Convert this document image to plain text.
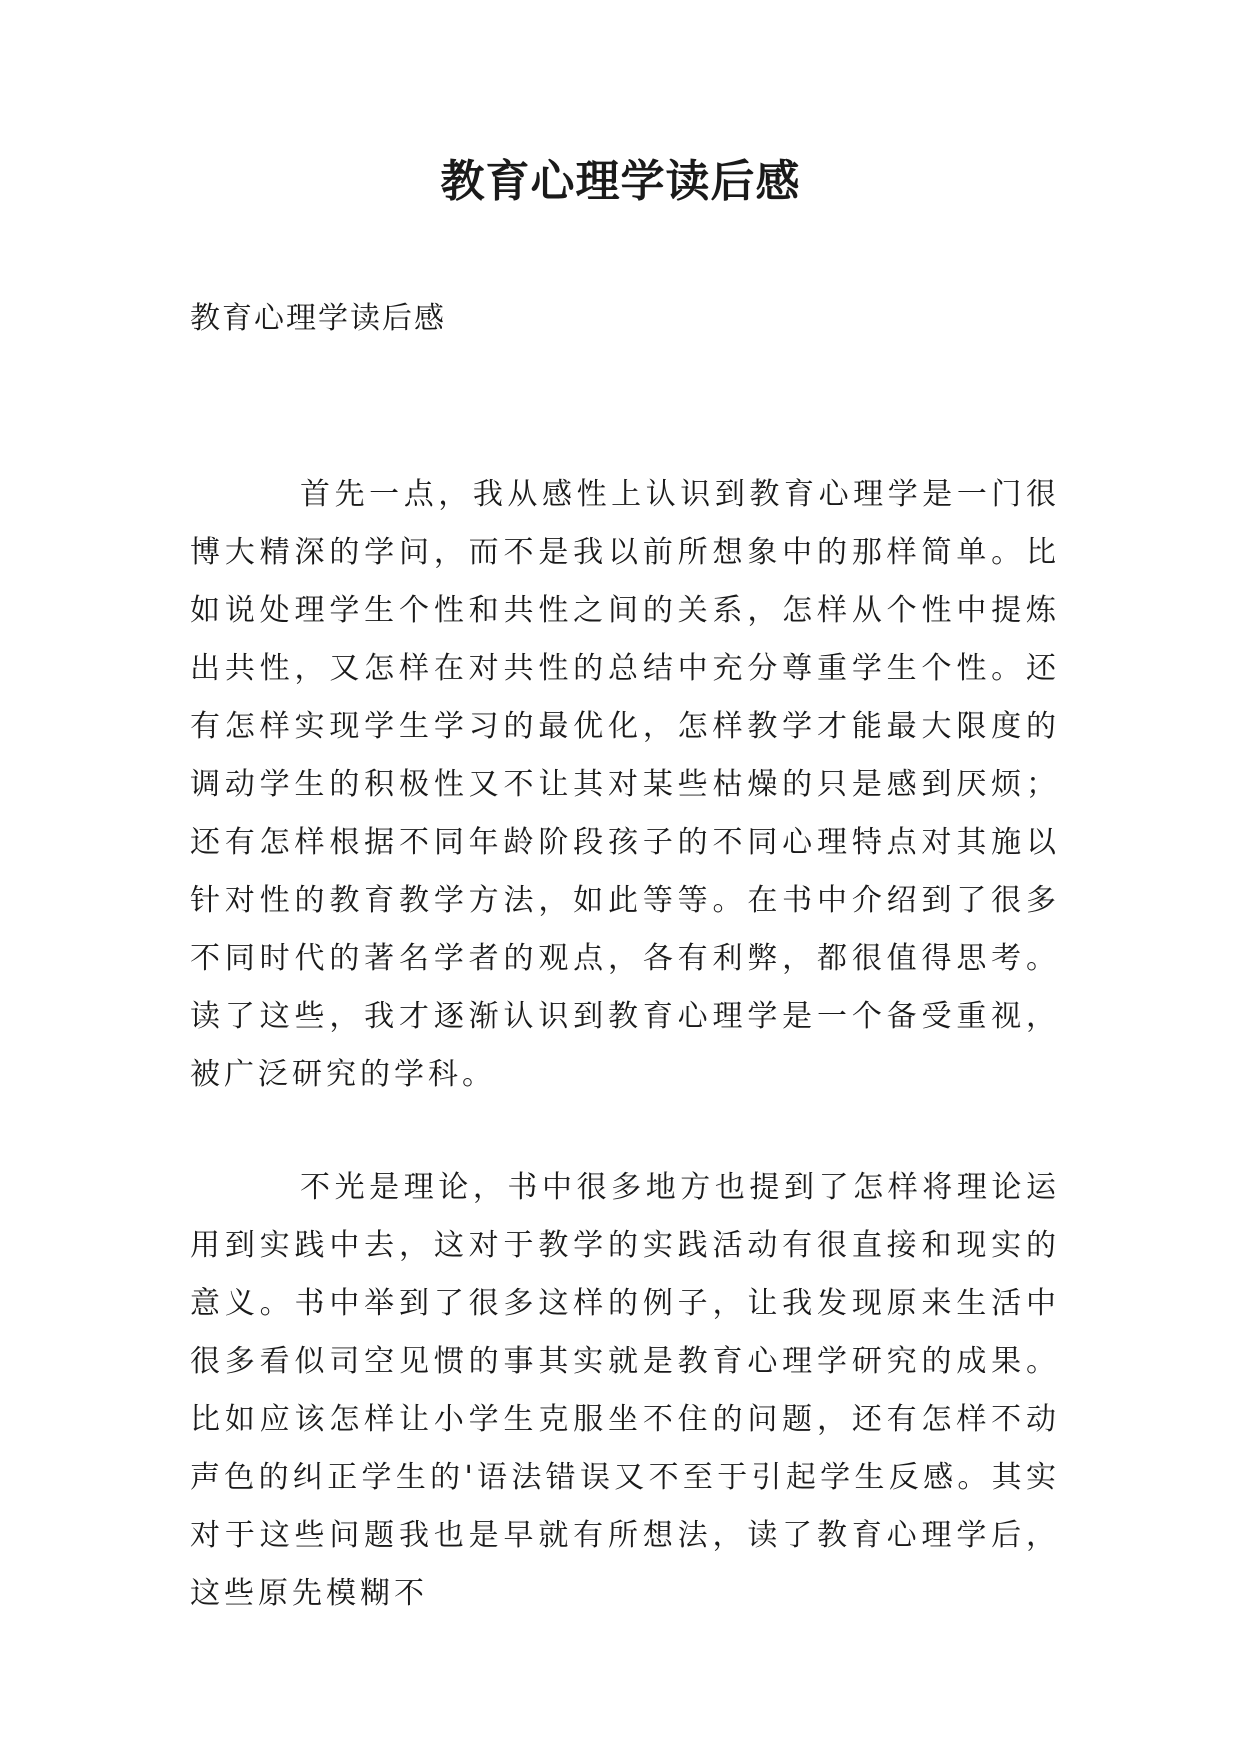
教育心理学读后感

教育心理学读后感

首先一点，我从感性上认识到教育心理学是一门很博大精深的学问，而不是我以前所想象中的那样简单。比如说处理学生个性和共性之间的关系，怎样从个性中提炼出共性，又怎样在对共性的总结中充分尊重学生个性。还有怎样实现学生学习的最优化，怎样教学才能最大限度的调动学生的积极性又不让其对某些枯燥的只是感到厌烦；还有怎样根据不同年龄阶段孩子的不同心理特点对其施以针对性的教育教学方法，如此等等。在书中介绍到了很多不同时代的著名学者的观点，各有利弊，都很值得思考。读了这些，我才逐渐认识到教育心理学是一个备受重视，被广泛研究的学科。

不光是理论，书中很多地方也提到了怎样将理论运用到实践中去，这对于教学的实践活动有很直接和现实的意义。书中举到了很多这样的例子，让我发现原来生活中很多看似司空见惯的事其实就是教育心理学研究的成果。比如应该怎样让小学生克服坐不住的问题，还有怎样不动声色的纠正学生的'语法错误又不至于引起学生反感。其实对于这些问题我也是早就有所想法，读了教育心理学后，这些原先模糊不
